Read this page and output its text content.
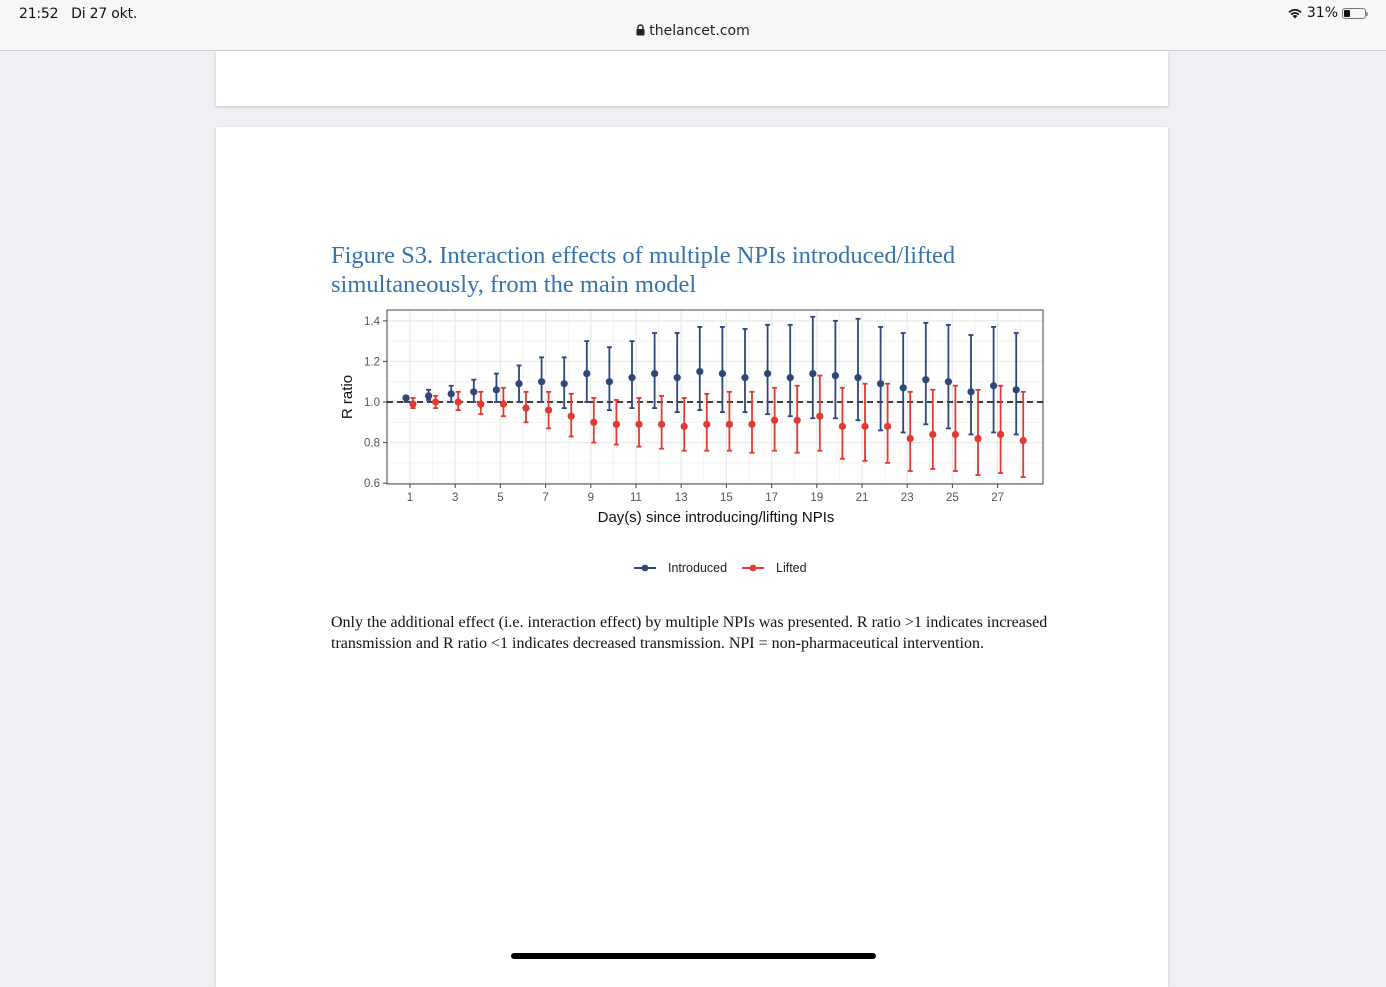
21:52 Di 27 okt.	31%
thelancet.com
Figure S3. Interaction effects of multiple NPIs introduced/lifted
simultaneously, from the main model
0.6
0.8
1.0
1.2
1.4
1	3	5	7	9	11	13	15	17	19	21	23	25	27
R ratio
Day(s) since introducing/lifting NPIs
Introduced	Lifted
Only the additional effect (i.e. interaction effect) by multiple NPIs was presented. R ratio >1 indicates increased transmission and R ratio <1 indicates decreased transmission. NPI = non-pharmaceutical intervention.
